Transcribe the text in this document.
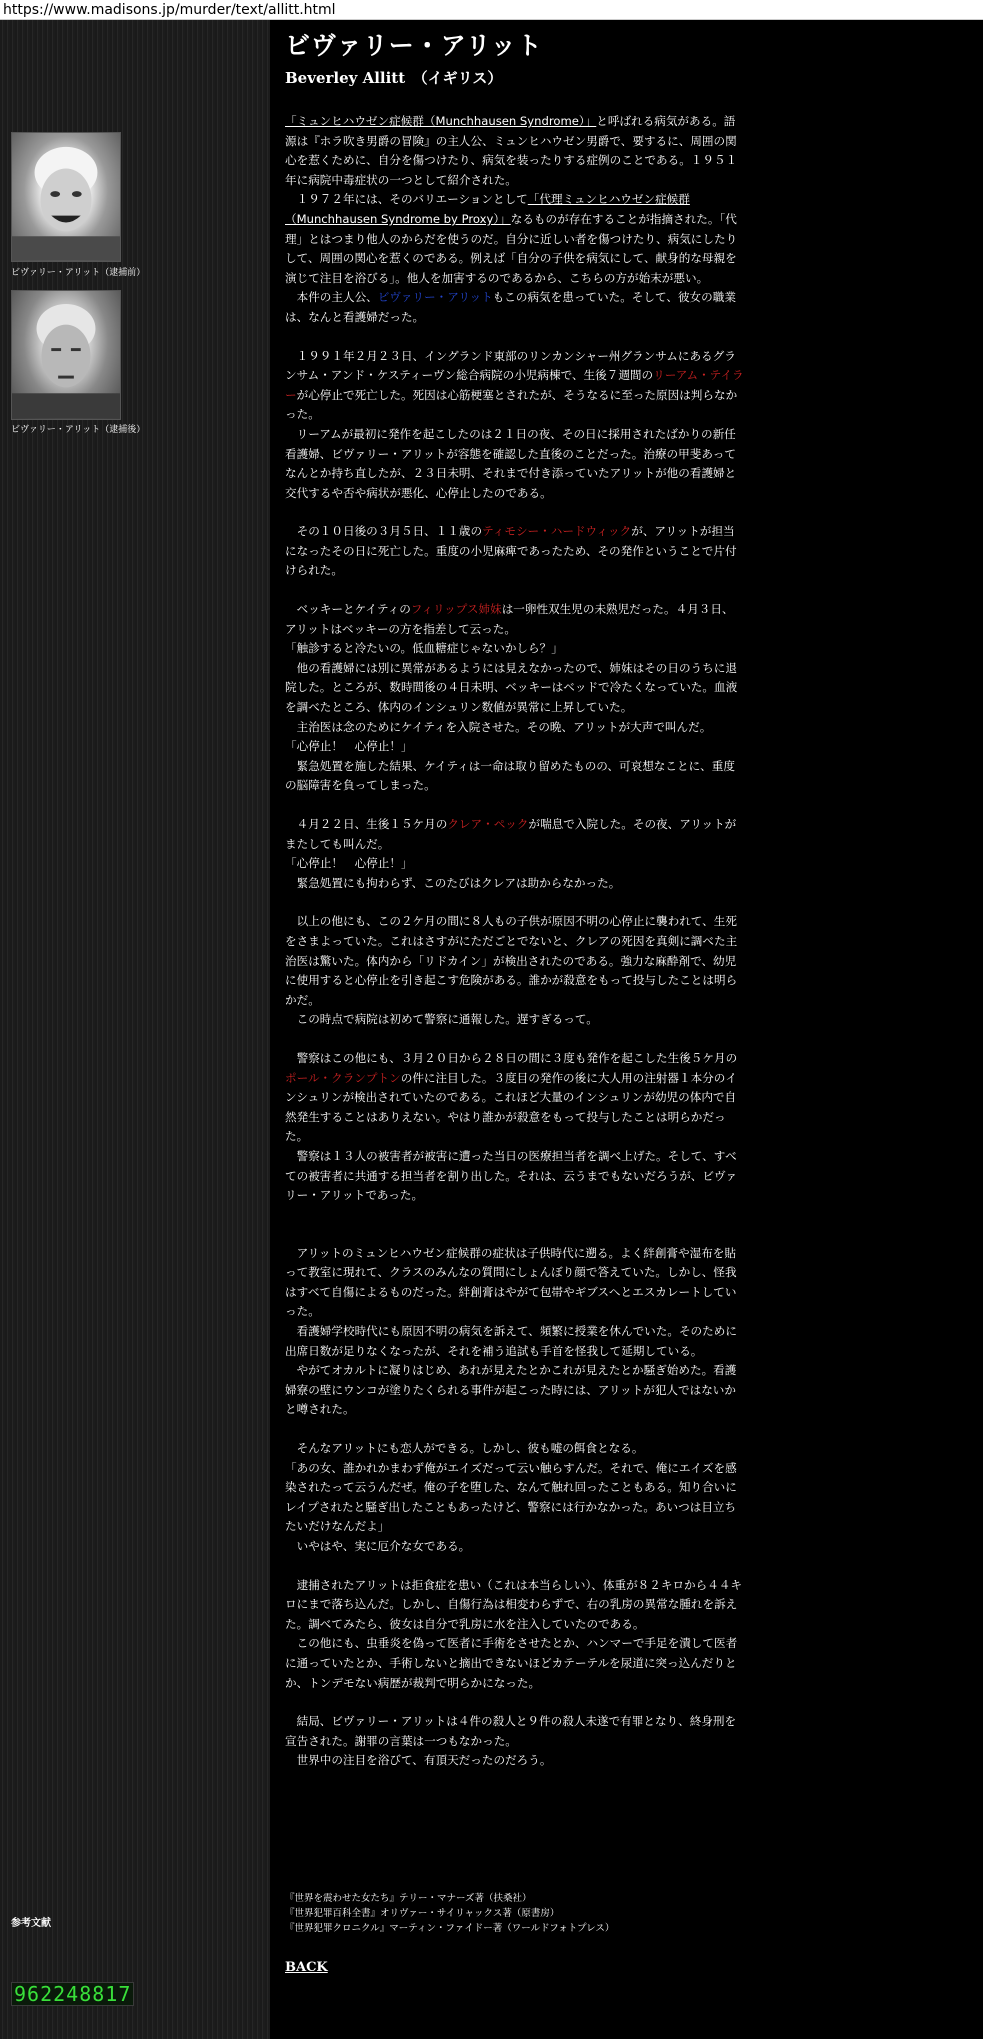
https://www.madisons.jp/murder/text/allitt.html
ビヴァリー・アリット（逮捕前）
ビヴァリー・アリット（逮捕後）
参考文献
962248817
ビヴァリー・アリット
Beverley Allitt　（イギリス）

「ミュンヒハウゼン症候群（Munchhausen Syndrome）」と呼ばれる病気がある。語源は『ホラ吹き男爵の冒険』の主人公、ミュンヒハウゼン男爵で、要するに、周囲の関心を惹くために、自分を傷つけたり、病気を装ったりする症例のことである。１９５１年に病院中毒症状の一つとして紹介された。
　１９７２年には、そのバリエーションとして「代理ミュンヒハウゼン症候群（Munchhausen Syndrome by Proxy）」なるものが存在することが指摘された。「代理」とはつまり他人のからだを使うのだ。自分に近しい者を傷つけたり、病気にしたりして、周囲の関心を惹くのである。例えば「自分の子供を病気にして、献身的な母親を演じて注目を浴びる」。他人を加害するのであるから、こちらの方が始末が悪い。
　本件の主人公、ビヴァリー・アリットもこの病気を患っていた。そして、彼女の職業は、なんと看護婦だった。

　１９９１年２月２３日、イングランド東部のリンカンシャー州グランサムにあるグランサム・アンド・ケスティーヴン総合病院の小児病棟で、生後７週間のリーアム・テイラーが心停止で死亡した。死因は心筋梗塞とされたが、そうなるに至った原因は判らなかった。
　リーアムが最初に発作を起こしたのは２１日の夜、その日に採用されたばかりの新任看護婦、ビヴァリー・アリットが容態を確認した直後のことだった。治療の甲斐あってなんとか持ち直したが、２３日未明、それまで付き添っていたアリットが他の看護婦と交代するや否や病状が悪化、心停止したのである。

　その１０日後の３月５日、１１歳のティモシー・ハードウィックが、アリットが担当になったその日に死亡した。重度の小児麻痺であったため、その発作ということで片付けられた。

　ベッキーとケイティのフィリップス姉妹は一卵性双生児の未熟児だった。４月３日、アリットはベッキーの方を指差して云った。
「触診すると冷たいの。低血糖症じゃないかしら？」
　他の看護婦には別に異常があるようには見えなかったので、姉妹はその日のうちに退院した。ところが、数時間後の４日未明、ベッキーはベッドで冷たくなっていた。血液を調べたところ、体内のインシュリン数値が異常に上昇していた。
　主治医は念のためにケイティを入院させた。その晩、アリットが大声で叫んだ。
「心停止！　心停止！」
　緊急処置を施した結果、ケイティは一命は取り留めたものの、可哀想なことに、重度の脳障害を負ってしまった。

　４月２２日、生後１５ケ月のクレア・ペックが喘息で入院した。その夜、アリットがまたしても叫んだ。
「心停止！　心停止！」
　緊急処置にも拘わらず、このたびはクレアは助からなかった。

　以上の他にも、この２ケ月の間に８人もの子供が原因不明の心停止に襲われて、生死をさまよっていた。これはさすがにただごとでないと、クレアの死因を真剣に調べた主治医は驚いた。体内から「リドカイン」が検出されたのである。強力な麻酔剤で、幼児に使用すると心停止を引き起こす危険がある。誰かが殺意をもって投与したことは明らかだ。
　この時点で病院は初めて警察に通報した。遅すぎるって。

　警察はこの他にも、３月２０日から２８日の間に３度も発作を起こした生後５ケ月のポール・クランプトンの件に注目した。３度目の発作の後に大人用の注射器１本分のインシュリンが検出されていたのである。これほど大量のインシュリンが幼児の体内で自然発生することはありえない。やはり誰かが殺意をもって投与したことは明らかだった。
　警察は１３人の被害者が被害に遭った当日の医療担当者を調べ上げた。そして、すべての被害者に共通する担当者を割り出した。それは、云うまでもないだろうが、ビヴァリー・アリットであった。

　アリットのミュンヒハウゼン症候群の症状は子供時代に遡る。よく絆創膏や湿布を貼って教室に現れて、クラスのみんなの質問にしょんぼり顔で答えていた。しかし、怪我はすべて自傷によるものだった。絆創膏はやがて包帯やギブスへとエスカレートしていった。
　看護婦学校時代にも原因不明の病気を訴えて、頻繁に授業を休んでいた。そのために出席日数が足りなくなったが、それを補う追試も手首を怪我して延期している。
　やがてオカルトに凝りはじめ、あれが見えたとかこれが見えたとか騒ぎ始めた。看護婦寮の壁にウンコが塗りたくられる事件が起こった時には、アリットが犯人ではないかと噂された。

　そんなアリットにも恋人ができる。しかし、彼も嘘の餌食となる。
「あの女、誰かれかまわず俺がエイズだって云い触らすんだ。それで、俺にエイズを感染されたって云うんだぜ。俺の子を堕した、なんて触れ回ったこともある。知り合いにレイプされたと騒ぎ出したこともあったけど、警察には行かなかった。あいつは目立ちたいだけなんだよ」
　いやはや、実に厄介な女である。

　逮捕されたアリットは拒食症を患い（これは本当らしい）、体重が８２キロから４４キロにまで落ち込んだ。しかし、自傷行為は相変わらずで、右の乳房の異常な腫れを訴えた。調べてみたら、彼女は自分で乳房に水を注入していたのである。
　この他にも、虫垂炎を偽って医者に手術をさせたとか、ハンマーで手足を潰して医者に通っていたとか、手術しないと摘出できないほどカテーテルを尿道に突っ込んだりとか、トンデモない病歴が裁判で明らかになった。

　結局、ビヴァリー・アリットは４件の殺人と９件の殺人未遂で有罪となり、終身刑を宣告された。謝罪の言葉は一つもなかった。
　世界中の注目を浴びて、有頂天だったのだろう。

『世界を震わせた女たち』テリー・マナーズ著（扶桑社）
『世界犯罪百科全書』オリヴァー・サイリャックス著（原書房）
『世界犯罪クロニクル』マーティン・ファイドー著（ワールドフォトプレス）
BACK
